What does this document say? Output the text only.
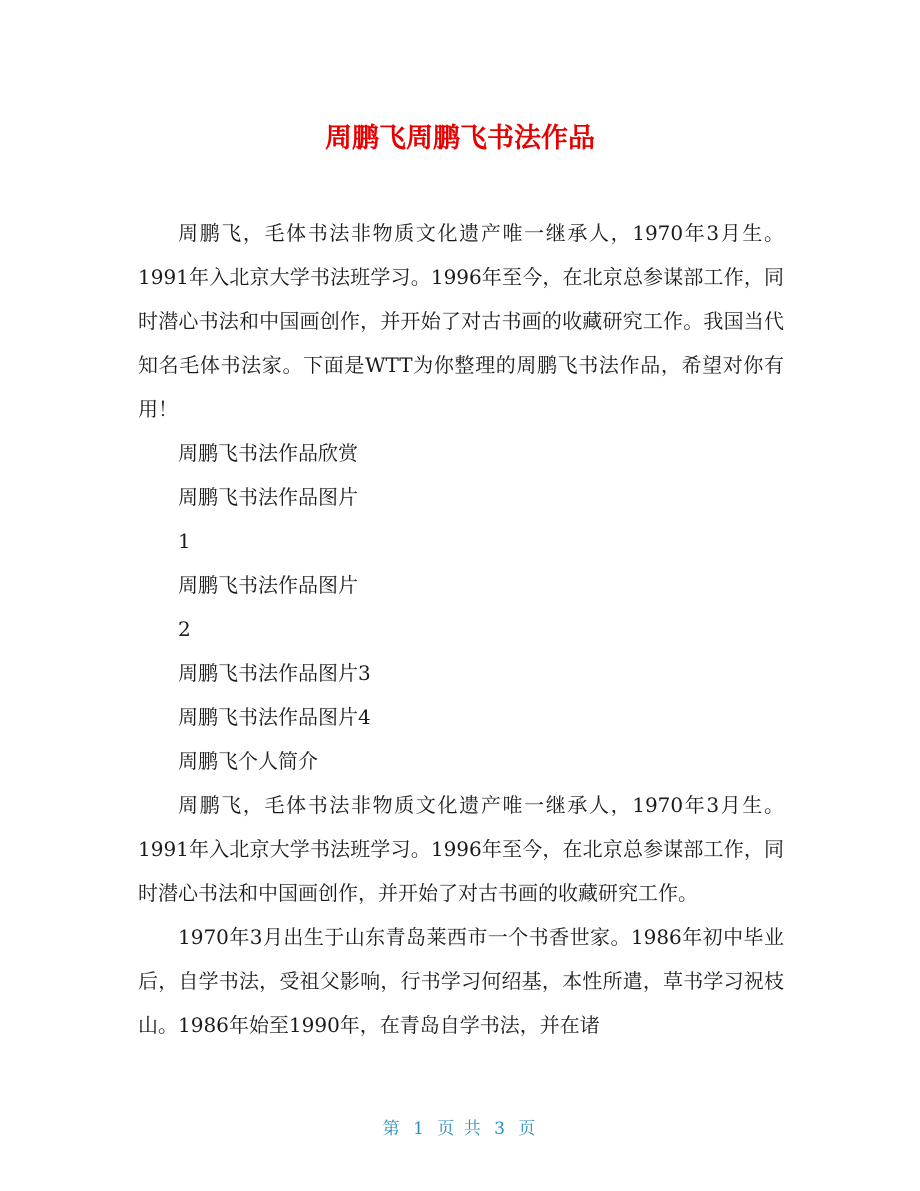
周鹏飞周鹏飞书法作品

周鹏飞，毛体书法非物质文化遗产唯一继承人，1970年3月生。1991年入北京大学书法班学习。1996年至今，在北京总参谋部工作，同时潜心书法和中国画创作，并开始了对古书画的收藏研究工作。我国当代知名毛体书法家。下面是WTT为你整理的周鹏飞书法作品，希望对你有用！

周鹏飞书法作品欣赏

周鹏飞书法作品图片

1

周鹏飞书法作品图片

2

周鹏飞书法作品图片3

周鹏飞书法作品图片4

周鹏飞个人简介

周鹏飞，毛体书法非物质文化遗产唯一继承人，1970年3月生。1991年入北京大学书法班学习。1996年至今，在北京总参谋部工作，同时潜心书法和中国画创作，并开始了对古书画的收藏研究工作。

1970年3月出生于山东青岛莱西市一个书香世家。1986年初中毕业后，自学书法，受祖父影响，行书学习何绍基，本性所遣，草书学习祝枝山。1986年始至1990年，在青岛自学书法，并在诸

第 1 页 共 3 页
